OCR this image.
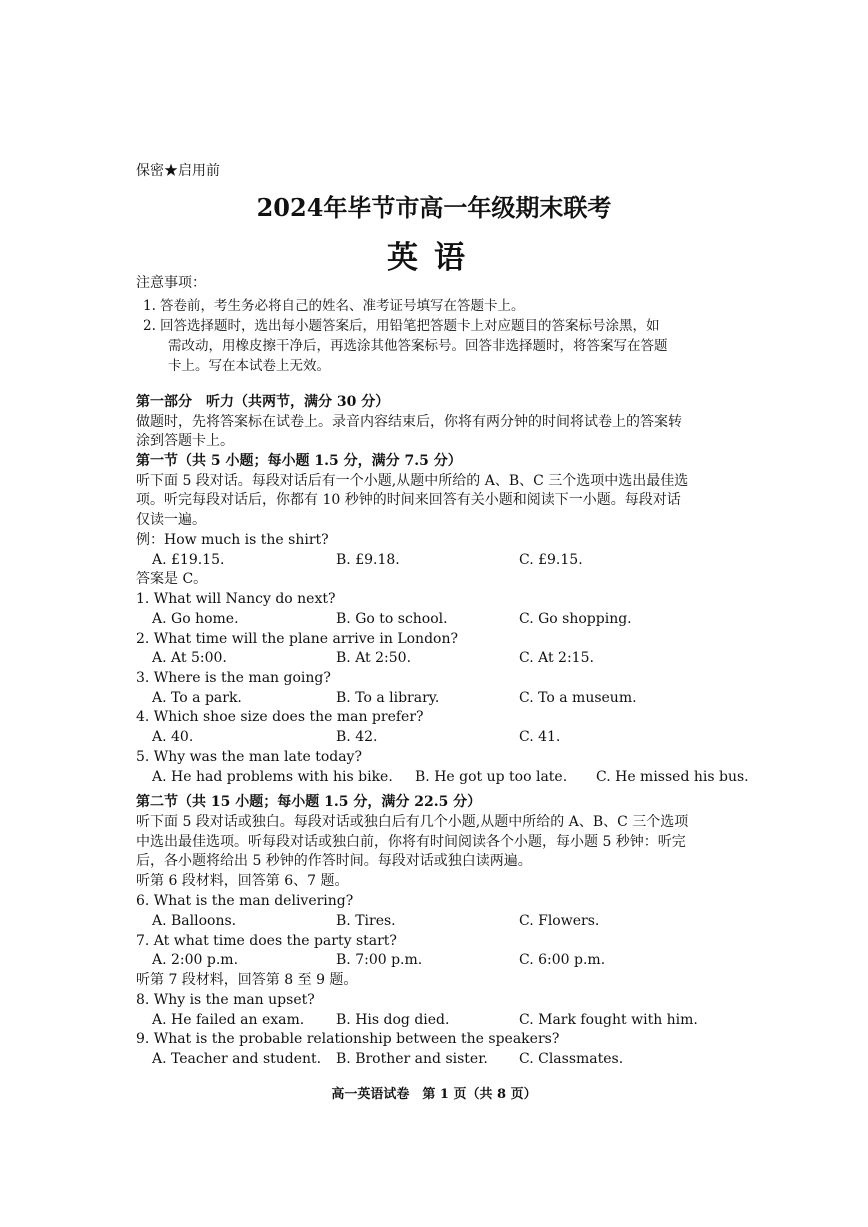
保密★启用前
2024年毕节市高一年级期末联考
英语
注意事项：
1. 答卷前，考生务必将自己的姓名、准考证号填写在答题卡上。
2. 回答选择题时，选出每小题答案后，用铅笔把答题卡上对应题目的答案标号涂黑，如
需改动，用橡皮擦干净后，再选涂其他答案标号。回答非选择题时，将答案写在答题
卡上。写在本试卷上无效。
第一部分　听力（共两节，满分 30 分）
做题时，先将答案标在试卷上。录音内容结束后，你将有两分钟的时间将试卷上的答案转
涂到答题卡上。
第一节（共 5 小题；每小题 1.5 分，满分 7.5 分）
听下面 5 段对话。每段对话后有一个小题,从题中所给的 A、B、C 三个选项中选出最佳选
项。听完每段对话后，你都有 10 秒钟的时间来回答有关小题和阅读下一小题。每段对话
仅读一遍。
例：How much is the shirt?
A. £19.15.	B. £9.18.	C. £9.15.
答案是 C。
1. What will Nancy do next?
A. Go home.	B. Go to school.	C. Go shopping.
2. What time will the plane arrive in London?
A. At 5:00.	B. At 2:50.	C. At 2:15.
3. Where is the man going?
A. To a park.	B. To a library.	C. To a museum.
4. Which shoe size does the man prefer?
A. 40.	B. 42.	C. 41.
5. Why was the man late today?
A. He had problems with his bike. B. He got up too late. C. He missed his bus.
第二节（共 15 小题；每小题 1.5 分，满分 22.5 分）
听下面 5 段对话或独白。每段对话或独白后有几个小题,从题中所给的 A、B、C 三个选项
中选出最佳选项。听每段对话或独白前，你将有时间阅读各个小题，每小题 5 秒钟：听完
后，各小题将给出 5 秒钟的作答时间。每段对话或独白读两遍。
听第 6 段材料，回答第 6、7 题。
6. What is the man delivering?
A. Balloons.	B. Tires.	C. Flowers.
7. At what time does the party start?
A. 2:00 p.m.	B. 7:00 p.m.	C. 6:00 p.m.
听第 7 段材料，回答第 8 至 9 题。
8. Why is the man upset?
A. He failed an exam. B. His dog died.	C. Mark fought with him.
9. What is the probable relationship between the speakers?
A. Teacher and student. B. Brother and sister. C. Classmates.
高一英语试卷　第 1 页（共 8 页）
